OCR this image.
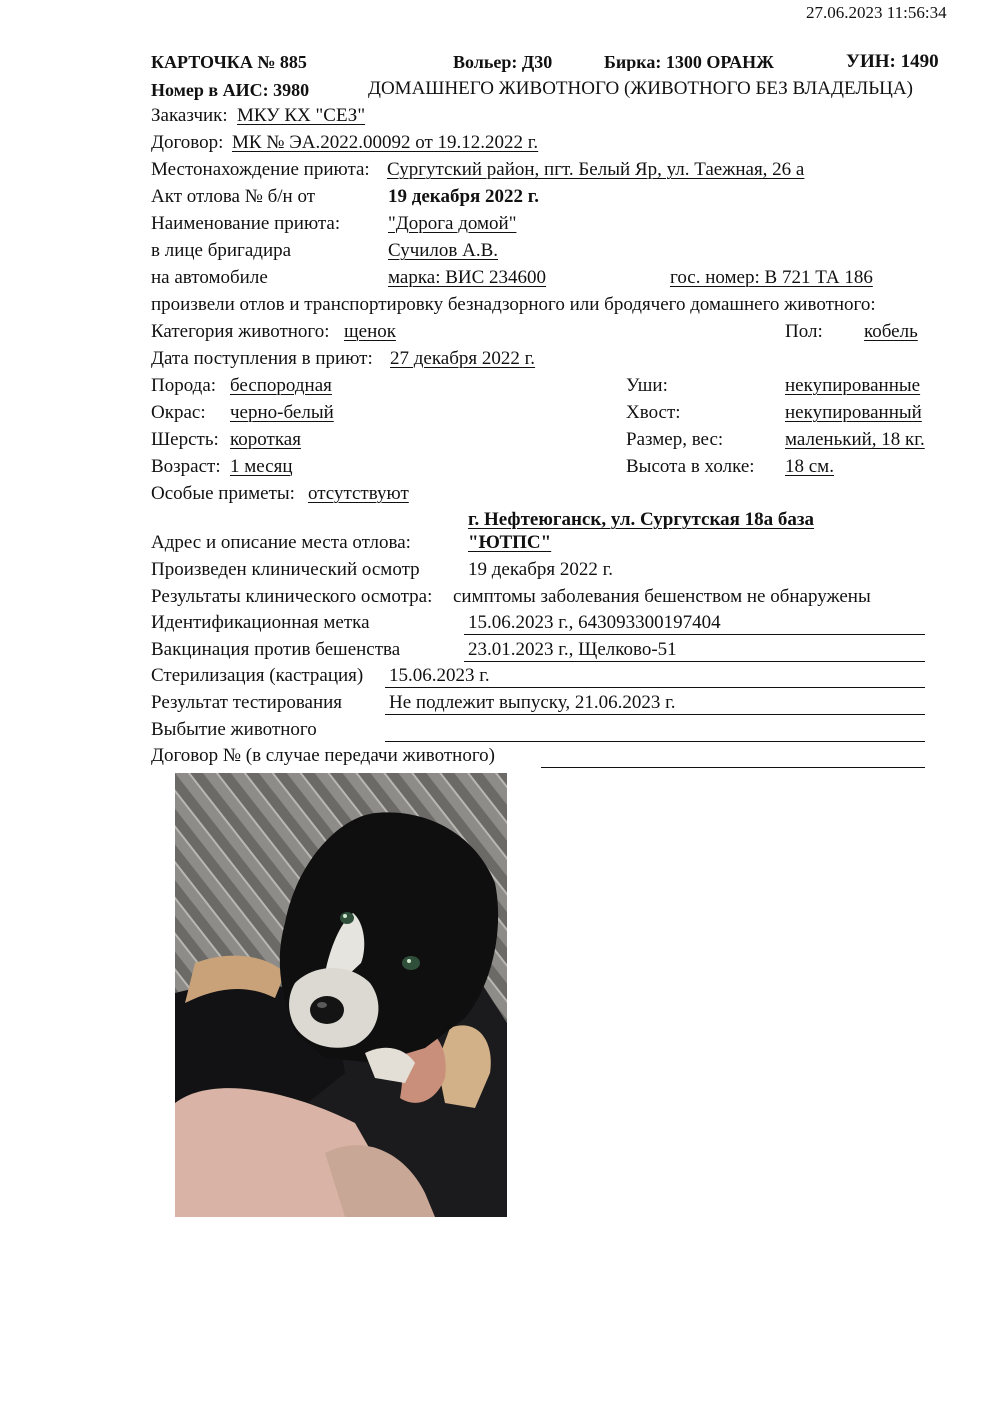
27.06.2023 11:56:34
КАРТОЧКА № 885	Вольер: Д30	Бирка: 1300 ОРАНЖ	УИН: 1490
Номер в АИС: 3980	ДОМАШНЕГО ЖИВОТНОГО (ЖИВОТНОГО БЕЗ ВЛАДЕЛЬЦА)
Заказчик: МКУ КХ "СЕЗ"
Договор: МК № ЭА.2022.00092 от 19.12.2022 г.
Местонахождение приюта: Сургутский район, пгт. Белый Яр, ул. Таежная, 26 а
Акт отлова № б/н от	19 декабря 2022 г.
Наименование приюта:	"Дорога домой"
в лице бригадира	Сучилов А.В.
на автомобиле	марка: ВИС 234600	гос. номер: В 721 ТА 186
произвели отлов и транспортировку безнадзорного или бродячего домашнего животного:
Категория животного: щенок	Пол: кобель
Дата поступления в приют: 27 декабря 2022 г.
Порода: беспородная	Уши:	некупированные
Окрас: черно-белый	Хвост:	некупированный
Шерсть: короткая	Размер, вес:	маленький, 18 кг.
Возраст: 1 месяц	Высота в холке: 18 см.
Особые приметы: отсутствуют
г. Нефтеюганск, ул. Сургутская 18а база
Адрес и описание места отлова:	"ЮТПС"
Произведен клинический осмотр	19 декабря 2022 г.
Результаты клинического осмотра: симптомы заболевания бешенством не обнаружены
Идентификационная метка	15.06.2023 г., 643093300197404
Вакцинация против бешенства	23.01.2023 г., Щелково-51
Стерилизация (кастрация) 15.06.2023 г.
Результат тестирования Не подлежит выпуску, 21.06.2023 г.
Выбытие животного
Договор № (в случае передачи животного)
